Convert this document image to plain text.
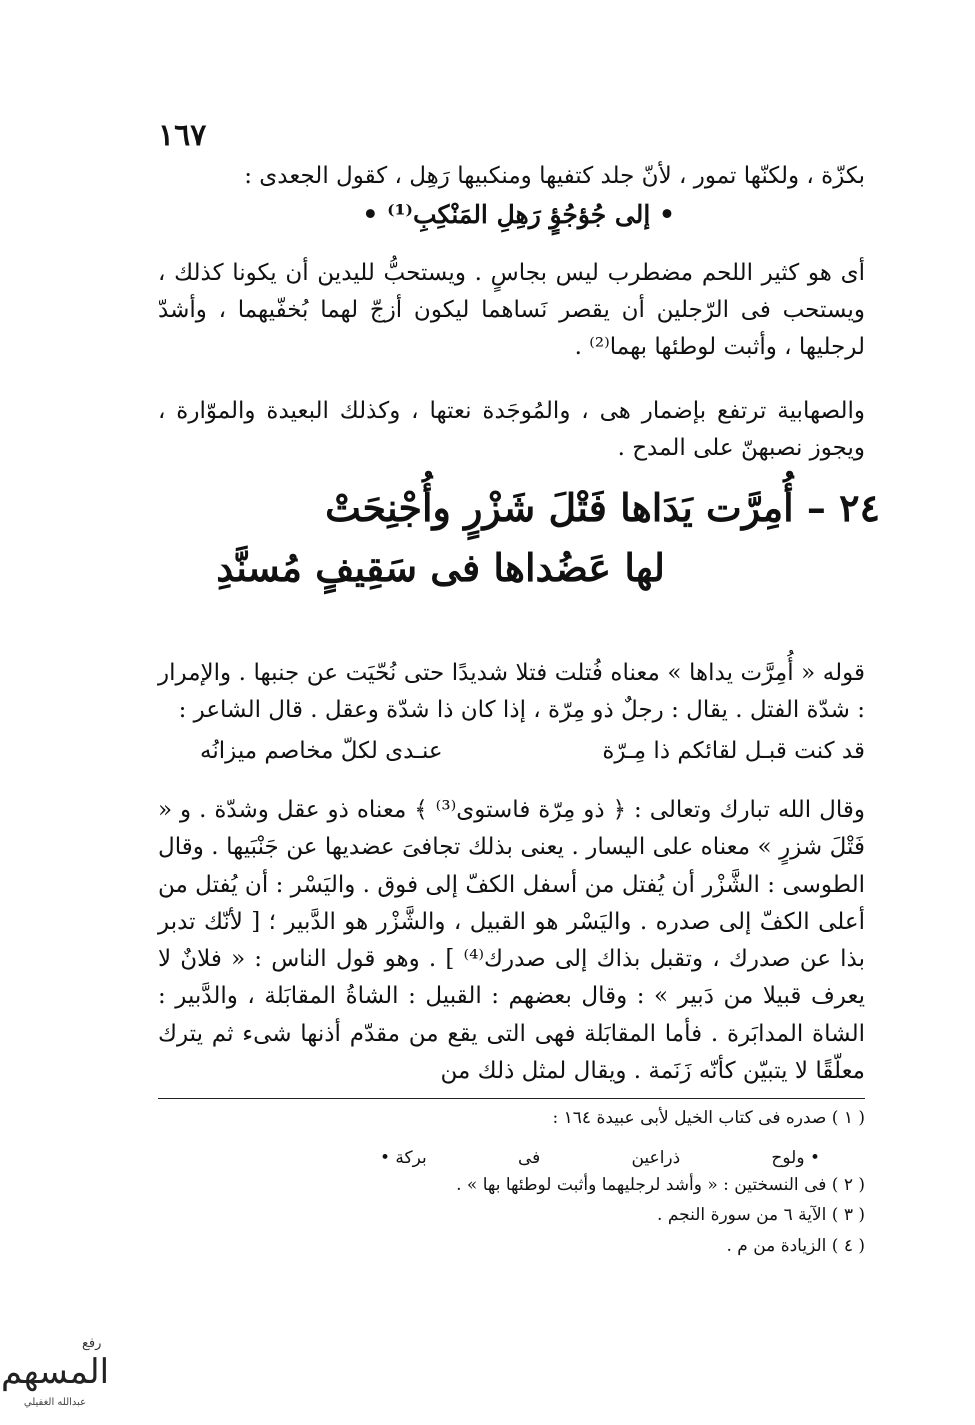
١٦٧

بكزّة ، ولكنّها تمور ، لأنّ جلد كتفيها ومنكبيها رَهِل ، كقول الجعدى :

• إلى جُؤجُؤٍ رَهِلِ المَنْكِبِ⁽¹⁾ •

أى هو كثير اللحم مضطرب ليس بجاسٍ . ويستحبُّ لليدين أن يكونا كذلك ، ويستحب فى الرّجلين أن يقصر نَساهما ليكون أزجّ لهما بُخفّيهما ، وأشدّ لرجليها ، وأثبت لوطئها بهما⁽²⁾ .

والصهابية ترتفع بإضمار هى ، والمُوجَدة نعتها ، وكذلك البعيدة والموّارة ، ويجوز نصبهنّ على المدح .

٢٤ – أُمِرَّت يَدَاها فَتْلَ شَزْرٍ وأُجْنِحَتْ
لها عَضُداها فى سَقِيفٍ مُسنَّدِ

قوله « أُمِرَّت يداها » معناه فُتلت فتلا شديدًا حتى نُحّيَت عن جنبها . والإمرار : شدّة الفتل . يقال : رجلٌ ذو مِرّة ، إذا كان ذا شدّة وعقل . قال الشاعر :

قد كنت قبـل لقائكم ذا مِـرّة
عنـدى لكلّ مخاصم ميزانُه

وقال الله تبارك وتعالى : ﴿ ذو مِرّة فاستوى⁽³⁾ ﴾ معناه ذو عقل وشدّة . و « فَتْلَ شزرٍ » معناه على اليسار . يعنى بذلك تجافىَ عضديها عن جَنْبَيها . وقال الطوسى : الشَّزْر أن يُفتل من أسفل الكفّ إلى فوق . واليَسْر : أن يُفتل من أعلى الكفّ إلى صدره . واليَسْر هو القبيل ، والشَّزْر هو الدَّبير ؛ [ لأنّك تدبر بذا عن صدرك ، وتقبل بذاك إلى صدرك⁽⁴⁾ ] . وهو قول الناس : « فلانٌ لا يعرف قبيلا من دَبير » : وقال بعضهم : القبيل : الشاةُ المقابَلة ، والدَّبير : الشاة المدابَرة . فأما المقابَلة فهى التى يقع من مقدّم أذنها شىء ثم يترك معلّقًا لا يتبيّن كأنّه زَنَمة . ويقال لمثل ذلك من

( ١ ) صدره فى كتاب الخيل لأبى عبيدة ١٦٤ :
• ولوح
ذراعين
فى
بركة •
( ٢ ) فى النسختين : « وأشد لرجليهما وأثبت لوطئها بها » .
( ٣ ) الآية ٦ من سورة النجم .
( ٤ ) الزيادة من م .
رفع
المسهم
عبدالله الغفيلي
